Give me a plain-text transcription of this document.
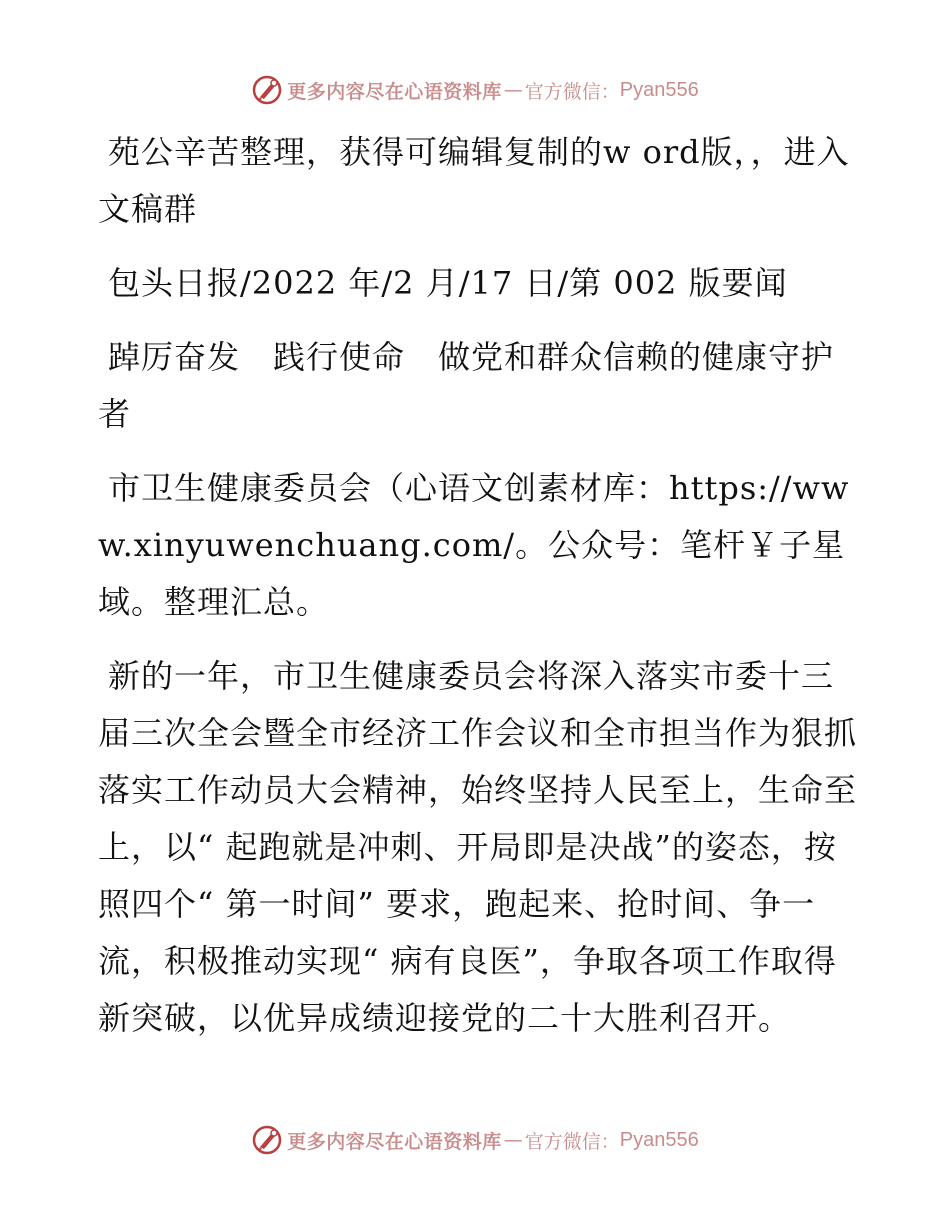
更多内容尽在心语资料库 — 官方微信： Pyan556

苑公辛苦整理，获得可编辑复制的w ord版，，进入文稿群

包头日报/2022 年/2 月/17 日/第 002 版要闻

踔厉奋发　践行使命　做党和群众信赖的健康守护者

市卫生健康委员会（心语文创素材库：https://www.xinyuwenchuang.com/。公众号：笔杆￥子星域。整理汇总。

新的一年，市卫生健康委员会将深入落实市委十三届三次全会暨全市经济工作会议和全市担当作为狠抓落实工作动员大会精神，始终坚持人民至上，生命至上，以“ 起跑就是冲刺、开局即是决战”的姿态，按照四个“ 第一时间” 要求，跑起来、抢时间、争一流，积极推动实现“ 病有良医”，争取各项工作取得新突破，以优异成绩迎接党的二十大胜利召开。

更多内容尽在心语资料库 — 官方微信： Pyan556
